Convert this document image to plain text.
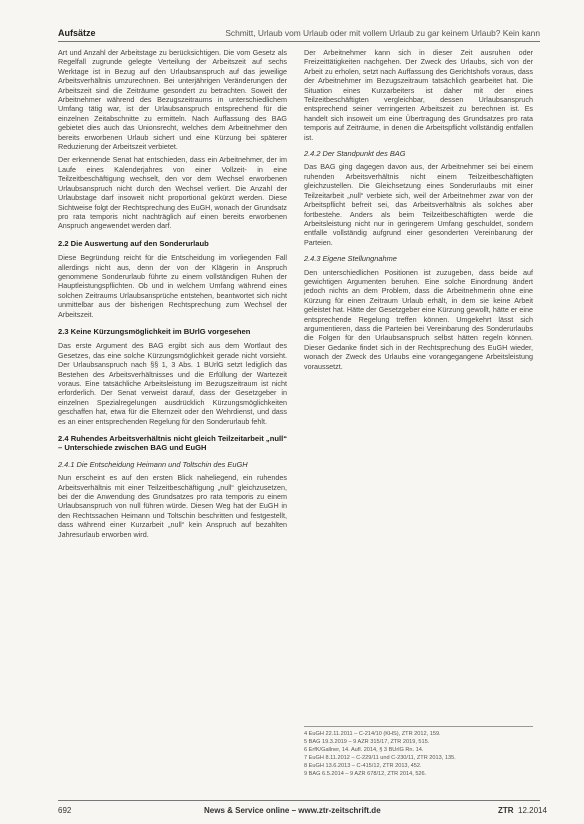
Aufsätze	Schmitt, Urlaub vom Urlaub oder mit vollem Urlaub zu gar keinem Urlaub? Kein kann

Art und Anzahl der Arbeitstage zu berücksichtigen. Die vom Gesetz als Regelfall zugrunde gelegte Verteilung der Arbeitszeit auf sechs Werktage ist in Bezug auf den Urlaubsanspruch auf das jeweilige Arbeitsverhältnis umzurechnen. Bei unterjährigen Veränderungen der Arbeitszeit sind die Zeiträume gesondert zu betrachten. Soweit der Arbeitnehmer während des Bezugszeitraums in unterschiedlichem Umfang tätig war, ist der Urlaubsanspruch entsprechend für die einzelnen Zeitabschnitte zu ermitteln. Nach Auffassung des BAG gebietet dies auch das Unionsrecht, welches dem Arbeitnehmer den bereits erworbenen Urlaub sichert und eine Kürzung bei späterer Reduzierung der Arbeitszeit verbietet.

Der erkennende Senat hat entschieden, dass ein Arbeitnehmer, der im Laufe eines Kalenderjahres von einer Vollzeit- in eine Teilzeitbeschäftigung wechselt, den vor dem Wechsel erworbenen Urlaubsanspruch nicht durch den Wechsel verliert. Die Anzahl der Urlaubstage darf insoweit nicht proportional gekürzt werden. Diese Sichtweise folgt der Rechtsprechung des EuGH, wonach der Grundsatz pro rata temporis nicht nachträglich auf einen bereits erworbenen Anspruch angewendet werden darf.

2.2 Die Auswertung auf den Sonderurlaub

Diese Begründung reicht für die Entscheidung im vorliegenden Fall allerdings nicht aus, denn der von der Klägerin in Anspruch genommene Sonderurlaub führte zu einem vollständigen Ruhen der Hauptleistungspflichten. Ob und in welchem Umfang während eines solchen Zeitraums Urlaubsansprüche entstehen, beantwortet sich nicht unmittelbar aus der bisherigen Rechtsprechung zum Wechsel der Arbeitszeit.

2.3 Keine Kürzungsmöglichkeit im BUrlG vorgesehen

Das erste Argument des BAG ergibt sich aus dem Wortlaut des Gesetzes, das eine solche Kürzungsmöglichkeit gerade nicht vorsieht. Der Urlaubsanspruch nach §§ 1, 3 Abs. 1 BUrlG setzt lediglich das Bestehen des Arbeitsverhältnisses und die Erfüllung der Wartezeit voraus. Eine tatsächliche Arbeitsleistung im Bezugszeitraum ist nicht erforderlich. Der Senat verweist darauf, dass der Gesetzgeber in einzelnen Spezialregelungen ausdrücklich Kürzungsmöglichkeiten geschaffen hat, etwa für die Elternzeit oder den Wehrdienst, und dass es an einer entsprechenden Regelung für den Sonderurlaub fehlt.

2.4 Ruhendes Arbeitsverhältnis nicht gleich Teilzeitarbeit „null“ – Unterschiede zwischen BAG und EuGH
2.4.1 Die Entscheidung Heimann und Toltschin des EuGH

Nun erscheint es auf den ersten Blick naheliegend, ein ruhendes Arbeitsverhältnis mit einer Teilzeitbeschäftigung „null“ gleichzusetzen, bei der die Anwendung des Grundsatzes pro rata temporis zu einem Urlaubsanspruch von null führen würde. Diesen Weg hat der EuGH in den Rechtssachen Heimann und Toltschin beschritten und festgestellt, dass während einer Kurzarbeit „null“ kein Anspruch auf bezahlten Jahresurlaub erworben wird.

Der Arbeitnehmer kann sich in dieser Zeit ausruhen oder Freizeittätigkeiten nachgehen. Der Zweck des Urlaubs, sich von der Arbeit zu erholen, setzt nach Auffassung des Gerichtshofs voraus, dass der Arbeitnehmer im Bezugszeitraum tatsächlich gearbeitet hat. Die Situation eines Kurzarbeiters ist daher mit der eines Teilzeitbeschäftigten vergleichbar, dessen Urlaubsanspruch entsprechend seiner verringerten Arbeitszeit zu berechnen ist. Es handelt sich insoweit um eine Übertragung des Grundsatzes pro rata temporis auf Zeiträume, in denen die Arbeitspflicht vollständig entfallen ist.

2.4.2 Der Standpunkt des BAG

Das BAG ging dagegen davon aus, der Arbeitnehmer sei bei einem ruhenden Arbeitsverhältnis nicht einem Teilzeitbeschäftigten gleichzustellen. Die Gleichsetzung eines Sonderurlaubs mit einer Teilzeitarbeit „null“ verbiete sich, weil der Arbeitnehmer zwar von der Arbeitspflicht befreit sei, das Arbeitsverhältnis als solches aber fortbestehe. Anders als beim Teilzeitbeschäftigten werde die Arbeitsleistung nicht nur in geringerem Umfang geschuldet, sondern entfalle vollständig aufgrund einer gesonderten Vereinbarung der Parteien.

2.4.3 Eigene Stellungnahme

Den unterschiedlichen Positionen ist zuzugeben, dass beide auf gewichtigen Argumenten beruhen. Eine solche Einordnung ändert jedoch nichts an dem Problem, dass die Arbeitnehmerin ohne eine Kürzung für einen Zeitraum Urlaub erhält, in dem sie keine Arbeit geleistet hat. Hätte der Gesetzgeber eine Kürzung gewollt, hätte er eine entsprechende Regelung treffen können. Umgekehrt lässt sich argumentieren, dass die Parteien bei Vereinbarung des Sonderurlaubs die Folgen für den Urlaubsanspruch selbst hätten regeln können. Dieser Gedanke findet sich in der Rechtsprechung des EuGH wieder, wonach der Zweck des Urlaubs eine vorangegangene Arbeitsleistung voraussetzt.

4 EuGH 22.11.2011 – C-214/10 (KHS), ZTR 2012, 159.
5 BAG 19.3.2019 – 9 AZR 315/17, ZTR 2019, 515.
6 ErfK/Gallner, 14. Aufl. 2014, § 3 BUrlG Rn. 14.
7 EuGH 8.11.2012 – C-229/11 und C-230/11, ZTR 2013, 135.
8 EuGH 13.6.2013 – C-415/12, ZTR 2013, 452.
9 BAG 6.5.2014 – 9 AZR 678/12, ZTR 2014, 526.
692	News & Service online – www.ztr-zeitschrift.de	ZTR 12.2014
